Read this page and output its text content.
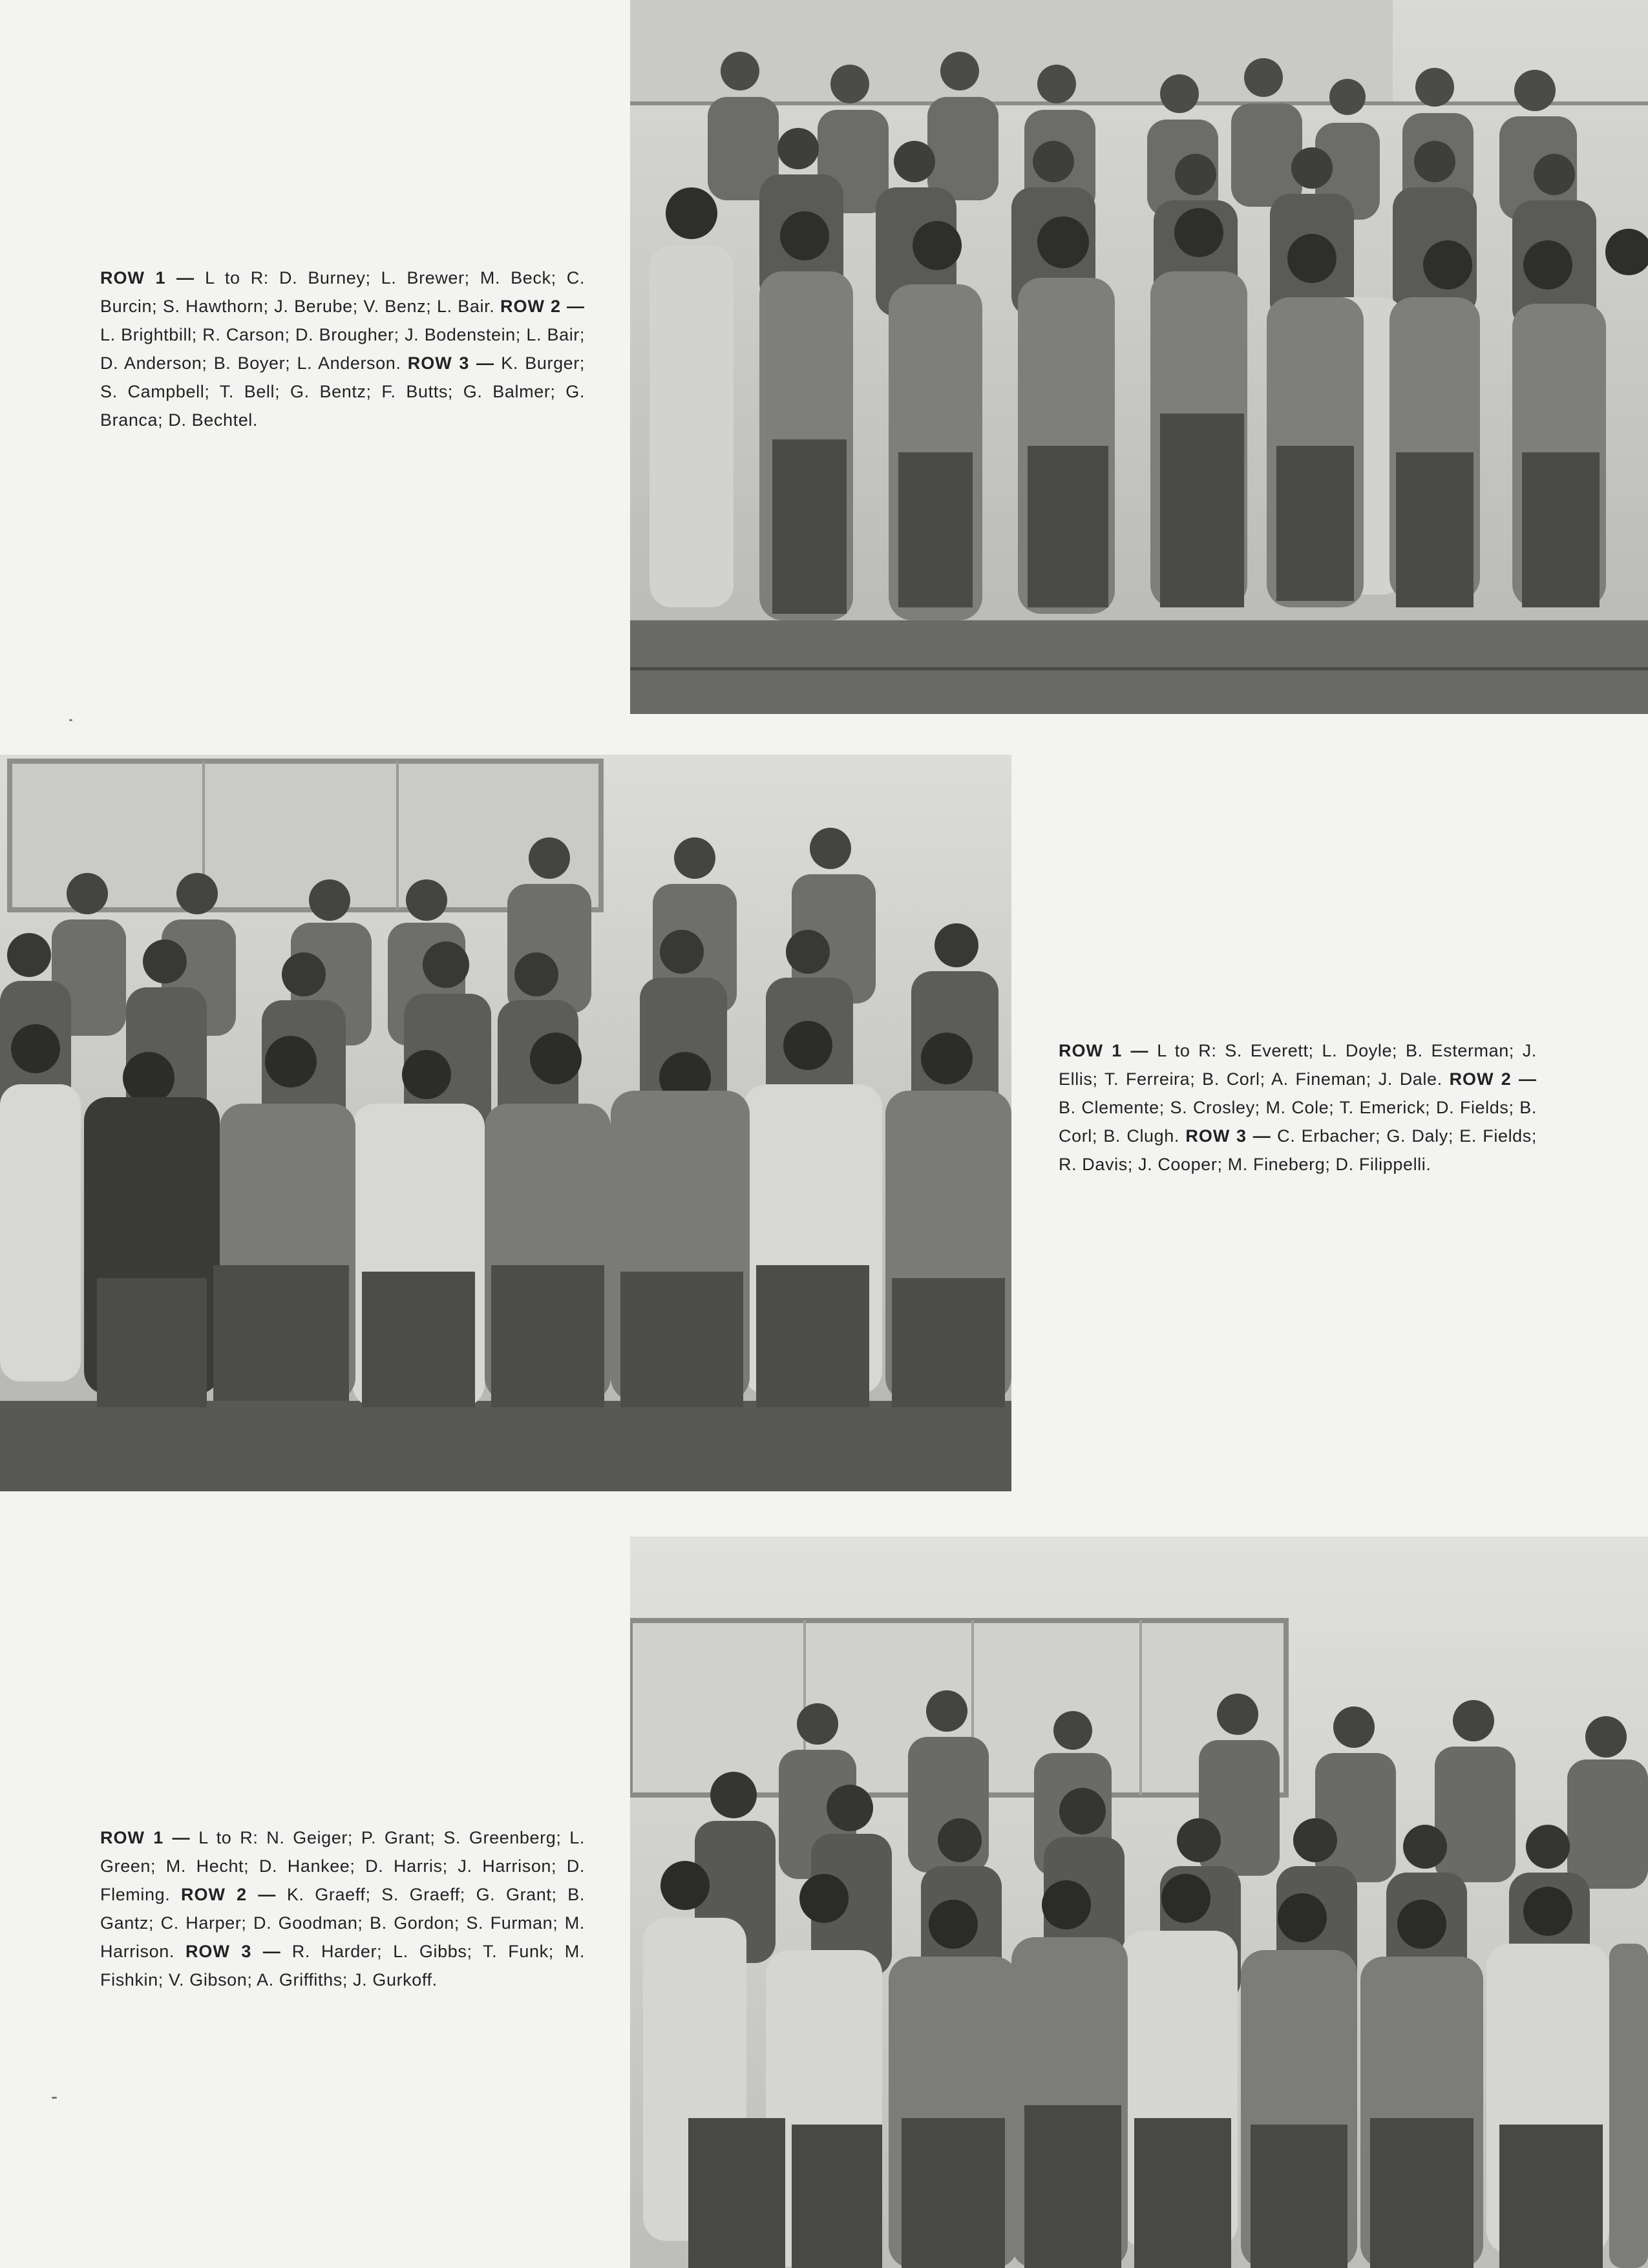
ROW 1 — L to R: D. Burney; L. Brewer; M. Beck; C. Burcin; S. Hawthorn; J. Berube; V. Benz; L. Bair. ROW 2 — L. Brightbill; R. Carson; D. Brougher; J. Bodenstein; L. Bair; D. Anderson; B. Boyer; L. Anderson. ROW 3 — K. Burger; S. Campbell; T. Bell; G. Bentz; F. Butts; G. Balmer; G. Branca; D. Bechtel.
ROW 1 — L to R: S. Everett; L. Doyle; B. Esterman; J. Ellis; T. Ferreira; B. Corl; A. Fineman; J. Dale. ROW 2 — B. Clemente; S. Crosley; M. Cole; T. Emerick; D. Fields; B. Corl; B. Clugh. ROW 3 — C. Erbacher; G. Daly; E. Fields; R. Davis; J. Cooper; M. Fineberg; D. Filippelli.
ROW 1 — L to R: N. Geiger; P. Grant; S. Greenberg; L. Green; M. Hecht; D. Hankee; D. Harris; J. Harrison; D. Fleming. ROW 2 — K. Graeff; S. Graeff; G. Grant; B. Gantz; C. Harper; D. Goodman; B. Gordon; S. Furman; M. Harrison. ROW 3 — R. Harder; L. Gibbs; T. Funk; M. Fishkin; V. Gibson; A. Griffiths; J. Gurkoff.
